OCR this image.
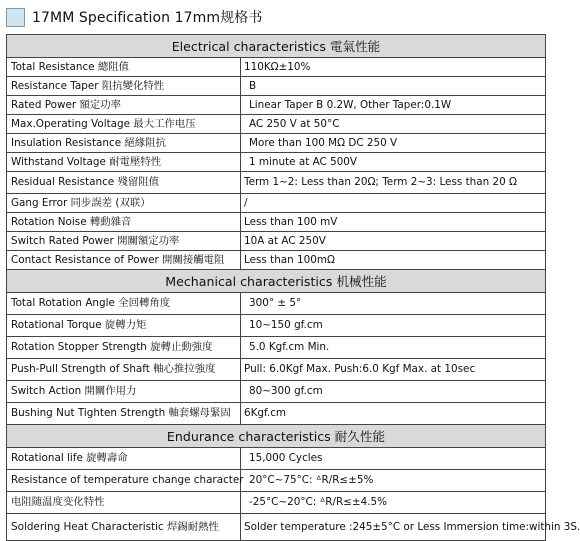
17MM Specification 17mm规格书
Electrical characteristics 電氣性能	
Total Resistance 總阻值	110KΩ±10%
Resistance Taper 阻抗變化特性	B
Rated Power 額定功率	Linear Taper B 0.2W, Other Taper:0.1W
Max.Operating Voltage 最大工作电压	AC 250 V at 50°C
Insulation Resistance 絕緣阻抗	More than 100 MΩ DC 250 V
Withstand Voltage 耐電壓特性	1 minute at AC 500V
Residual Resistance 殘留阻值	Term 1~2: Less than 20Ω; Term 2~3: Less than 20 Ω
Gang Error 同步誤差 (双联）	/
Rotation Noise 轉動雜音	Less than 100 mV
Switch Rated Power 開關額定功率	10A at AC 250V
Contact Resistance of Power 開關接觸電阻	Less than 100mΩ
Mechanical characteristics 机械性能	
Total Rotation Angle 全回轉角度	300° ± 5°
Rotational Torque 旋轉力矩	10~150 gf.cm
Rotation Stopper Strength 旋轉止動強度	5.0 Kgf.cm Min.
Push-Pull Strength of Shaft 軸心推拉強度	Pull: 6.0Kgf Max. Push:6.0 Kgf Max. at 10sec
Switch Action 開關作用力	80~300 gf.cm
Bushing Nut Tighten Strength 軸套螺母緊固	6Kgf.cm
Endurance characteristics 耐久性能	
Rotational life 旋轉壽命	15,000 Cycles
Resistance of temperature change character	20°C~75°C: ᐞR/R≤±5%
电阻随温度变化特性	-25°C~20°C: ᐞR/R≤±4.5%
Soldering Heat Characteristic 焊錫耐熱性	Solder temperature :245±5°C or Less Immersion time:within 3S.
